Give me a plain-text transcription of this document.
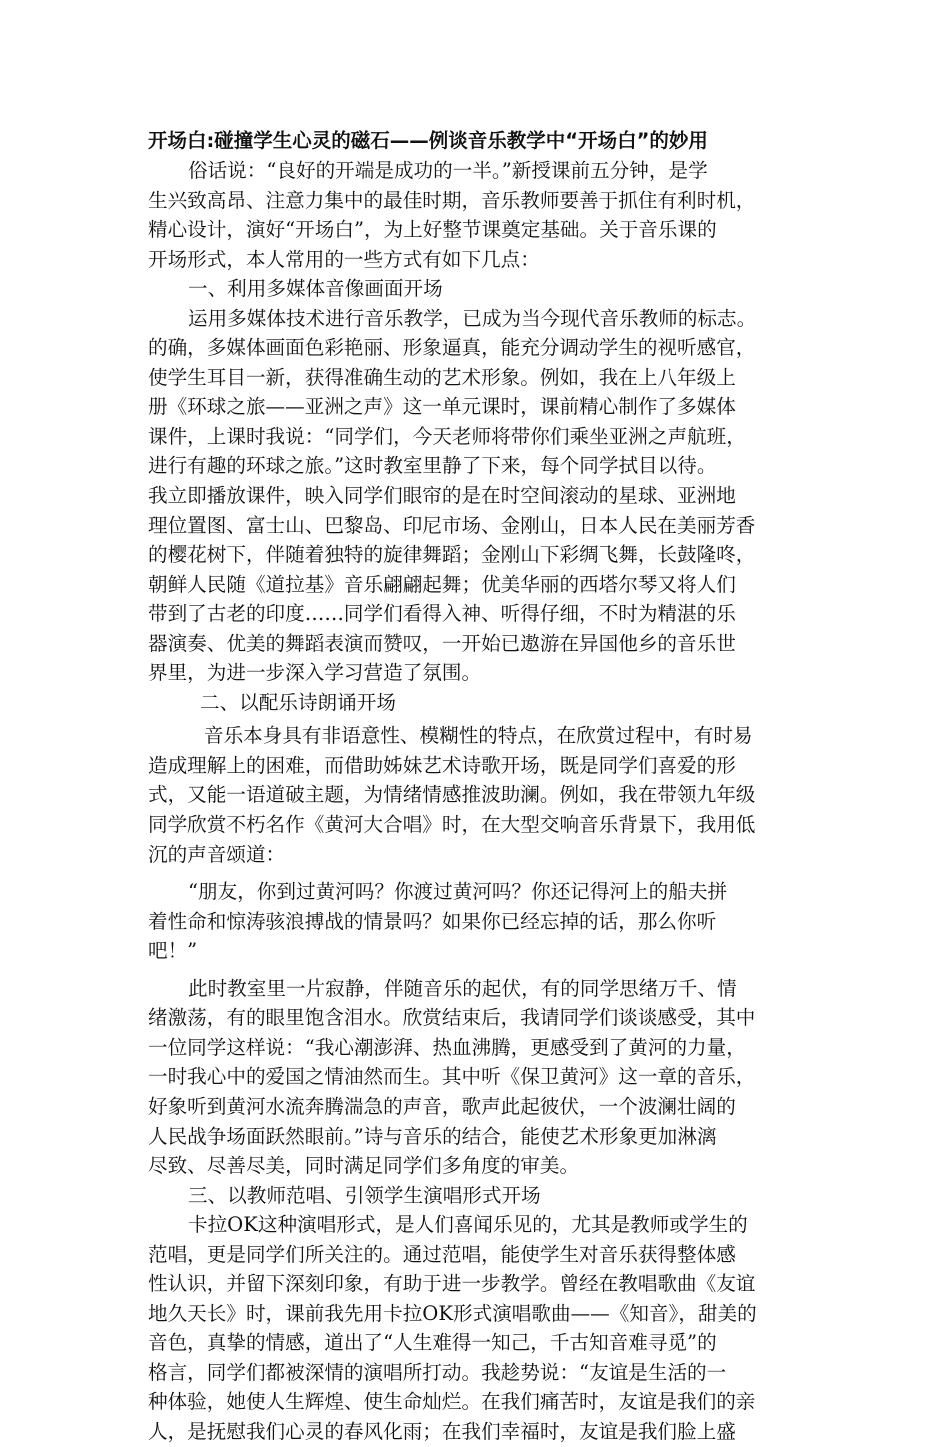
开场白:碰撞学生心灵的磁石——例谈音乐教学中“开场白”的妙用
俗话说：“良好的开端是成功的一半。”新授课前五分钟，是学
生兴致高昂、注意力集中的最佳时期，音乐教师要善于抓住有利时机，
精心设计，演好“开场白”，为上好整节课奠定基础。关于音乐课的
开场形式，本人常用的一些方式有如下几点：
一、利用多媒体音像画面开场
运用多媒体技术进行音乐教学，已成为当今现代音乐教师的标志。
的确，多媒体画面色彩艳丽、形象逼真，能充分调动学生的视听感官，
使学生耳目一新，获得准确生动的艺术形象。例如，我在上八年级上
册《环球之旅——亚洲之声》这一单元课时，课前精心制作了多媒体
课件，上课时我说：“同学们，今天老师将带你们乘坐亚洲之声航班，
进行有趣的环球之旅。”这时教室里静了下来，每个同学拭目以待。
我立即播放课件，映入同学们眼帘的是在时空间滚动的星球、亚洲地
理位置图、富士山、巴黎岛、印尼市场、金刚山，日本人民在美丽芳香
的樱花树下，伴随着独特的旋律舞蹈；金刚山下彩绸飞舞，长鼓隆咚，
朝鲜人民随《道拉基》音乐翩翩起舞；优美华丽的西塔尔琴又将人们
带到了古老的印度……同学们看得入神、听得仔细，不时为精湛的乐
器演奏、优美的舞蹈表演而赞叹，一开始已遨游在异国他乡的音乐世
界里，为进一步深入学习营造了氛围。
二、以配乐诗朗诵开场
音乐本身具有非语意性、模糊性的特点，在欣赏过程中，有时易
造成理解上的困难，而借助姊妹艺术诗歌开场，既是同学们喜爱的形
式，又能一语道破主题，为情绪情感推波助澜。例如，我在带领九年级
同学欣赏不朽名作《黄河大合唱》时，在大型交响音乐背景下，我用低
沉的声音颂道：
“朋友，你到过黄河吗？你渡过黄河吗？你还记得河上的船夫拼
着性命和惊涛骇浪搏战的情景吗？如果你已经忘掉的话，那么你听
吧！”
此时教室里一片寂静，伴随音乐的起伏，有的同学思绪万千、情
绪激荡，有的眼里饱含泪水。欣赏结束后，我请同学们谈谈感受，其中
一位同学这样说：“我心潮澎湃、热血沸腾，更感受到了黄河的力量，
一时我心中的爱国之情油然而生。其中听《保卫黄河》这一章的音乐，
好象听到黄河水流奔腾湍急的声音，歌声此起彼伏，一个波澜壮阔的
人民战争场面跃然眼前。”诗与音乐的结合，能使艺术形象更加淋漓
尽致、尽善尽美，同时满足同学们多角度的审美。
三、以教师范唱、引领学生演唱形式开场
卡拉OK这种演唱形式，是人们喜闻乐见的，尤其是教师或学生的
范唱，更是同学们所关注的。通过范唱，能使学生对音乐获得整体感
性认识，并留下深刻印象，有助于进一步教学。曾经在教唱歌曲《友谊
地久天长》时，课前我先用卡拉OK形式演唱歌曲——《知音》，甜美的
音色，真挚的情感，道出了“人生难得一知己，千古知音难寻觅”的
格言，同学们都被深情的演唱所打动。我趁势说：“友谊是生活的一
种体验，她使人生辉煌、使生命灿烂。在我们痛苦时，友谊是我们的亲
人，是抚慰我们心灵的春风化雨；在我们幸福时，友谊是我们脸上盛
